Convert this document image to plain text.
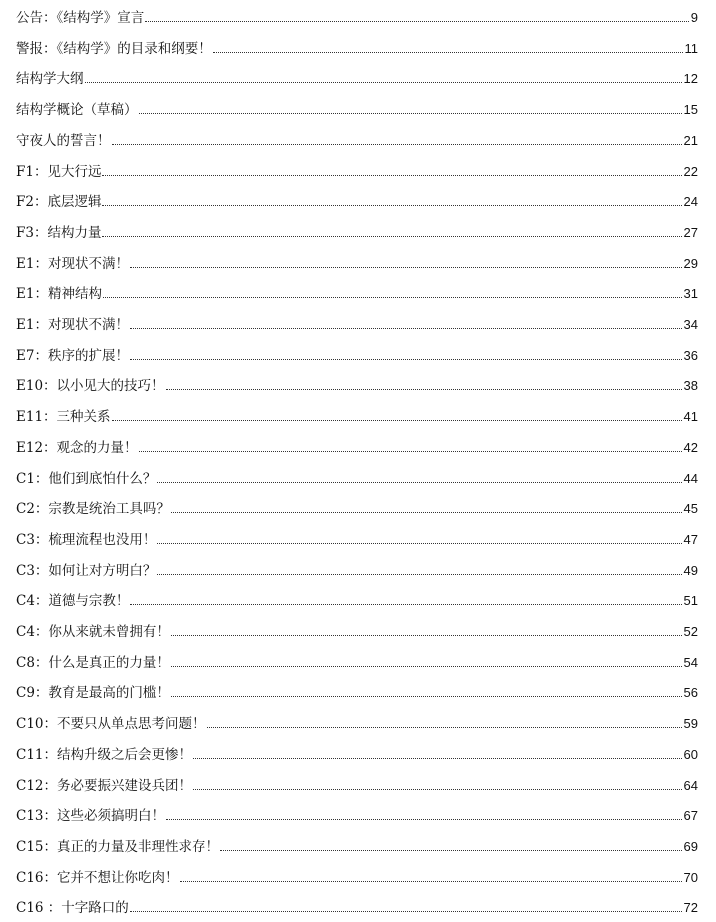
公告：《结构学》宣言	9
警报：《结构学》的目录和纲要！	11
结构学大纲	12
结构学概论（草稿）	15
守夜人的誓言！	21
F1：见大行远	22
F2：底层逻辑	24
F3：结构力量	27
E1：对现状不满！	29
E1：精神结构	31
E1：对现状不满！	34
E7：秩序的扩展！	36
E10：以小见大的技巧！	38
E11：三种关系	41
E12：观念的力量！	42
C1：他们到底怕什么？	44
C2：宗教是统治工具吗？	45
C3：梳理流程也没用！	47
C3：如何让对方明白？	49
C4：道德与宗教！	51
C4：你从来就未曾拥有！	52
C8：什么是真正的力量！	54
C9：教育是最高的门槛！	56
C10：不要只从单点思考问题！	59
C11：结构升级之后会更惨！	60
C12：务必要振兴建设兵团！	64
C13：这些必须搞明白！	67
C15：真正的力量及非理性求存！	69
C16：它并不想让你吃肉！	70
C16 ：十字路口的	72
